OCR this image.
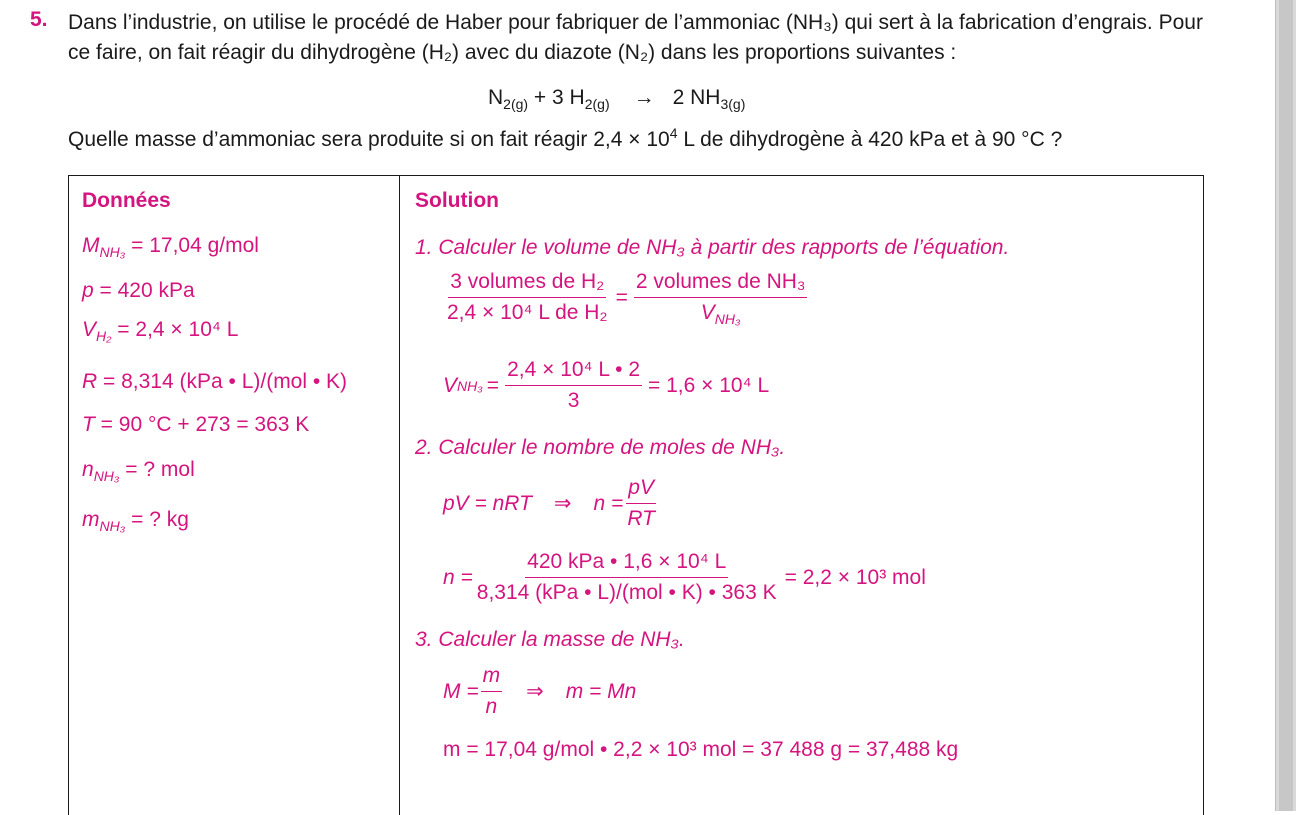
5. Dans l’industrie, on utilise le procédé de Haber pour fabriquer de l’ammoniac (NH₃) qui sert à la fabrication d’engrais. Pour ce faire, on fait réagir du dihydrogène (H₂) avec du diazote (N₂) dans les proportions suivantes :
$N_{2(g)} + 3$ $H_{2(g)} \to 2$ $NH_{3(g)}$
Quelle masse d’ammoniac sera produite si on fait réagir $2,4 \times 10^4$ L de dihydrogène à 420 kPa et à 90 °C ?
Données
$M_{NH_3} = 17,04$ g/mol
p = 420 kPa
$V_{H_2} = 2,4 \times 10^4$ L
R = 8,314 (kPa • L)/(mol • K)
T = 90 °C + 273 = 363 K
$n_{NH_3}$ = ? mol
$m_{NH_3}$ = ? kg
Solution
1. Calculer le volume de NH₃ à partir des rapports de l’équation.
$\frac{\text{3 volumes de H₂}}{\text{2,4 × 10⁴ L de H₂}} = \frac{\text{2 volumes de NH₃}}{V_{NH_3}}$
V $NH_3 = \frac{\text{2,4 × 10⁴ L • 2}}{3} = 1,6 \times 10^4$ L
2. Calculer le nombre de moles de NH₃.
pV = nRT ⇒ $n = \frac{pV}{RT}$
$n = \frac{\text{420 kPa • 1,6 × 10⁴ L}}{\text{8,314 (kPa • L)/(mol • K) • 363 K}} = 2,2 \times 10^3$ mol
3. Calculer la masse de NH₃.
$M = \frac{m}{n}$ ⇒ m = Mn
m = 17,04 g/mol • 2,2 × 10³ mol = 37 488 g = 37,488 kg
